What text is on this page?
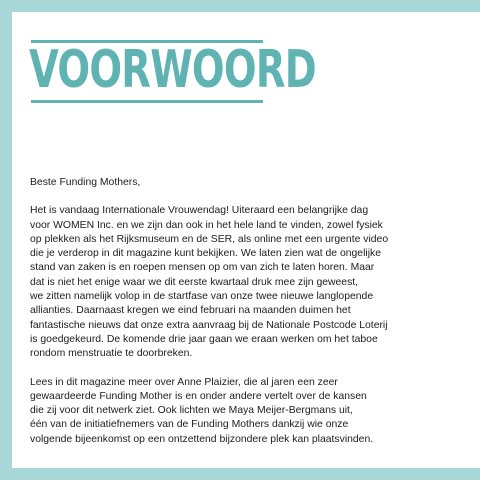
VOORWOORD

Beste Funding Mothers,

Het is vandaag Internationale Vrouwendag! Uiteraard een belangrijke dag
voor WOMEN Inc. en we zijn dan ook in het hele land te vinden, zowel fysiek
op plekken als het Rijksmuseum en de SER, als online met een urgente video
die je verderop in dit magazine kunt bekijken. We laten zien wat de ongelijke
stand van zaken is en roepen mensen op om van zich te laten horen. Maar
dat is niet het enige waar we dit eerste kwartaal druk mee zijn geweest,
we zitten namelijk volop in de startfase van onze twee nieuwe langlopende
allianties. Daarnaast kregen we eind februari na maanden duimen het
fantastische nieuws dat onze extra aanvraag bij de Nationale Postcode Loterij
is goedgekeurd. De komende drie jaar gaan we eraan werken om het taboe
rondom menstruatie te doorbreken.

Lees in dit magazine meer over Anne Plaizier, die al jaren een zeer
gewaardeerde Funding Mother is en onder andere vertelt over de kansen
die zij voor dit netwerk ziet. Ook lichten we Maya Meijer-Bergmans uit,
één van de initiatiefnemers van de Funding Mothers dankzij wie onze
volgende bijeenkomst op een ontzettend bijzondere plek kan plaatsvinden.
